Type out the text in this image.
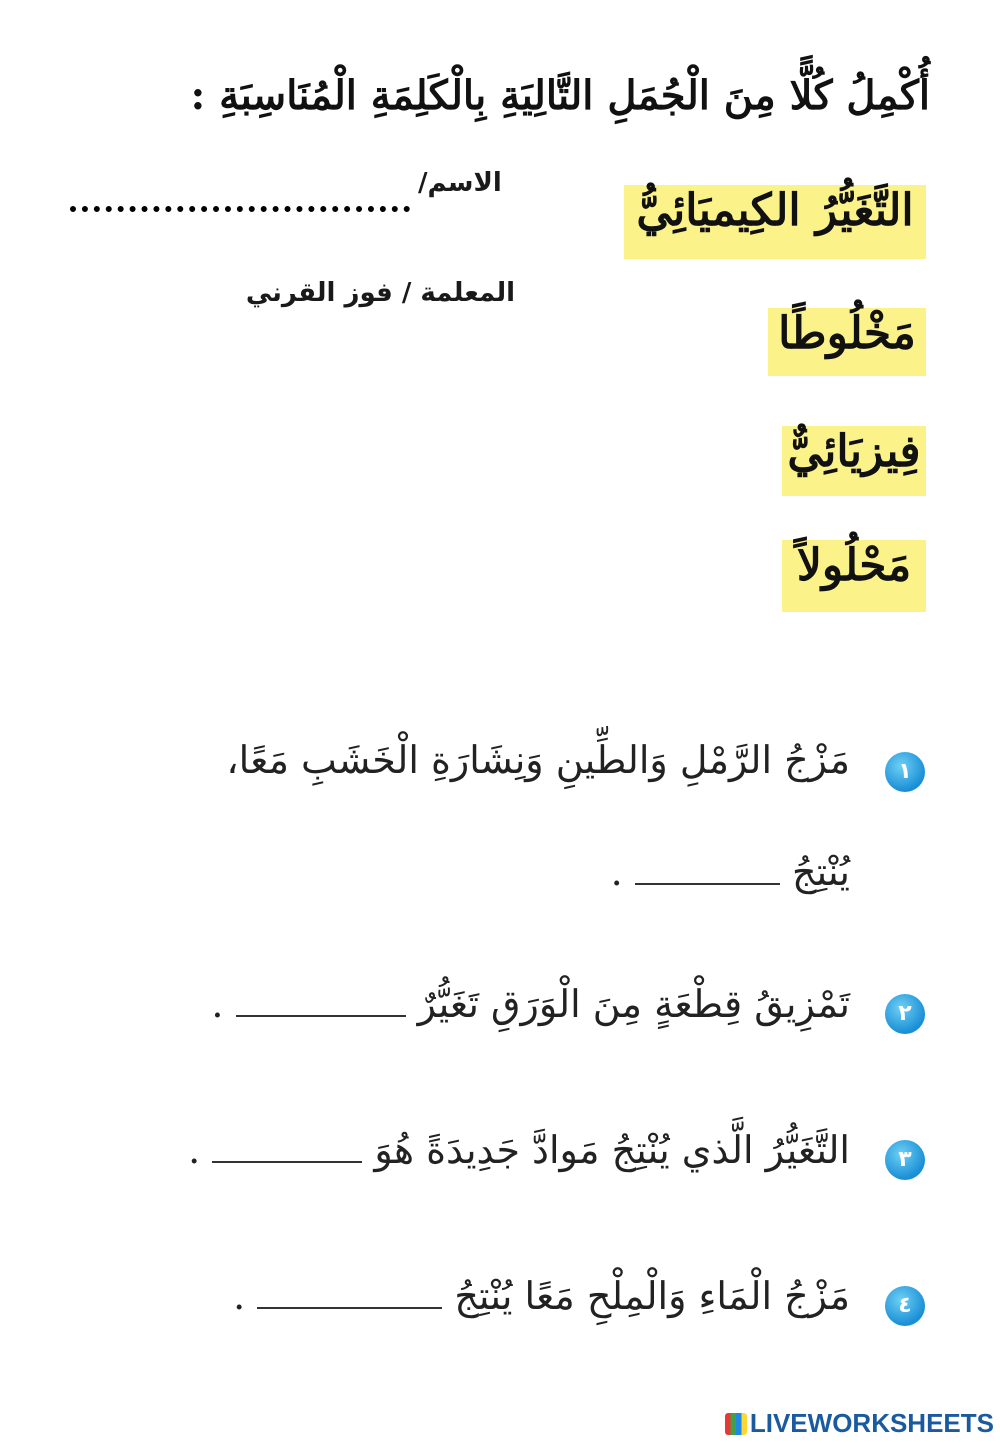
أُكْمِلُ كُلًّا مِنَ الْجُمَلِ التَّالِيَةِ بِالْكَلِمَةِ الْمُنَاسِبَةِ :
الاسم/
المعلمة / فوز القرني
التَّغَيُّرُ الكِيميَائِيُّ
مَخْلُوطًا
فِيزيَائِيٌّ
مَحْلُولاً
١
مَزْجُ الرَّمْلِ وَالطِّينِ وَنِشَارَةِ الْخَشَبِ مَعًا،
يُنْتِجُ  .
٢
تَمْزِيقُ قِطْعَةٍ مِنَ الْوَرَقِ تَغَيُّرٌ  .
٣
التَّغَيُّرُ الَّذي يُنْتِجُ مَوادَّ جَدِيدَةً هُوَ  .
٤
مَزْجُ الْمَاءِ وَالْمِلْحِ مَعًا يُنْتِجُ  .
LIVEWORKSHEETS
